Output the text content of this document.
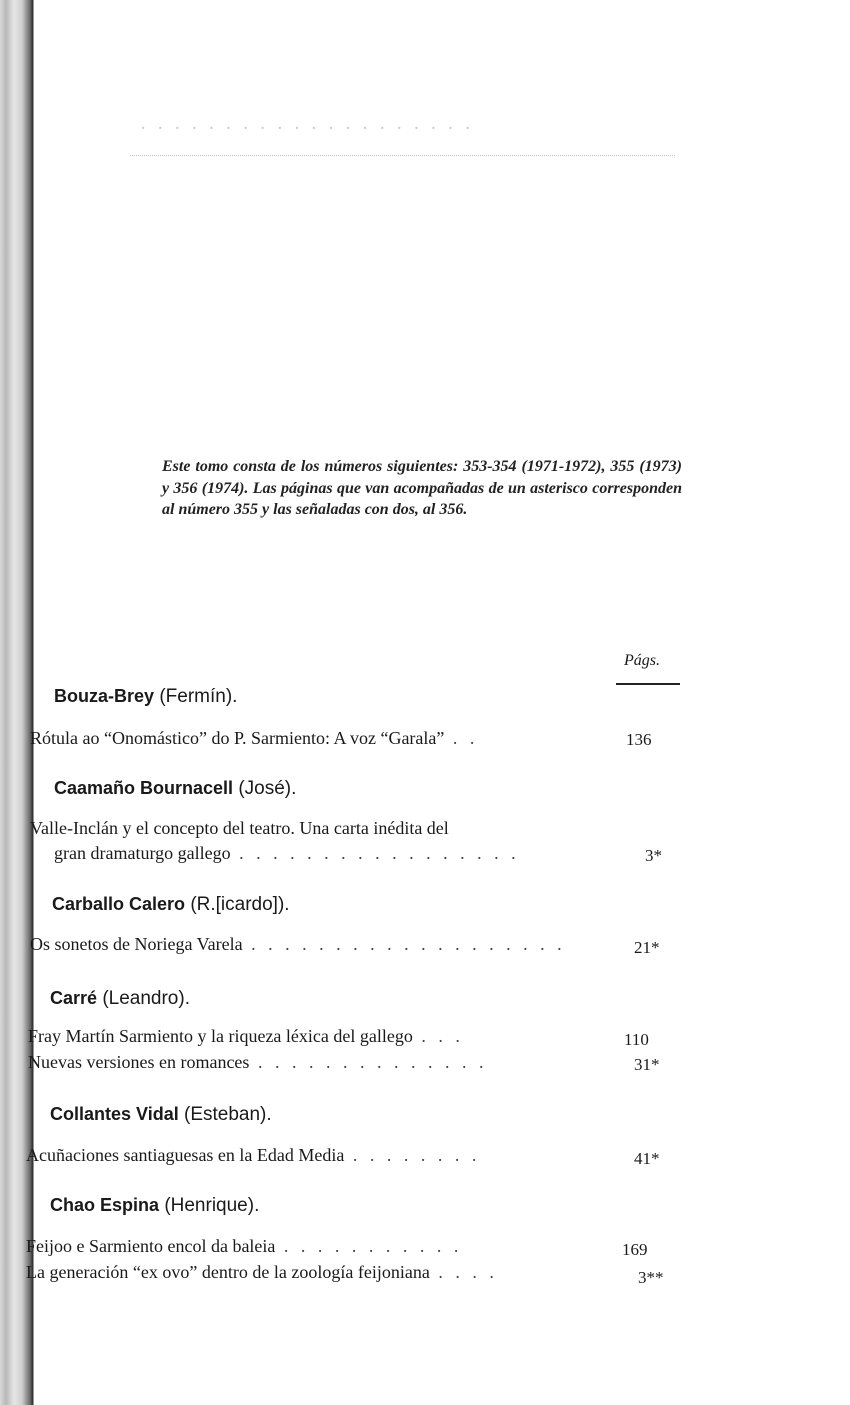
· · · · · · · · · · · · · · · · · · · ·
Este tomo consta de los números siguientes: 353-354 (1971-1972), 355 (1973) y 356 (1974). Las páginas que van acompañadas de un asterisco corresponden al número 355 y las señaladas con dos, al 356.
Págs.
Bouza-Brey (Fermín).
Rótula ao “Onomástico” do P. Sarmiento: A voz “Garala” . .	136
Caamaño Bournacell (José).
Valle-Inclán y el concepto del teatro. Una carta inédita del
gran dramaturgo gallego . . . . . . . . . . . . . . . . .	3*
Carballo Calero (R.[icardo]).
Os sonetos de Noriega Varela . . . . . . . . . . . . . . . . . . .	21*
Carré (Leandro).
Fray Martín Sarmiento y la riqueza léxica del gallego . . .	110
Nuevas versiones en romances . . . . . . . . . . . . . .	31*
Collantes Vidal (Esteban).
Acuñaciones santiaguesas en la Edad Media . . . . . . . .	41*
Chao Espina (Henrique).
Feijoo e Sarmiento encol da baleia . . . . . . . . . . .	169
La generación “ex ovo” dentro de la zoología feijoniana . . . .	3**
